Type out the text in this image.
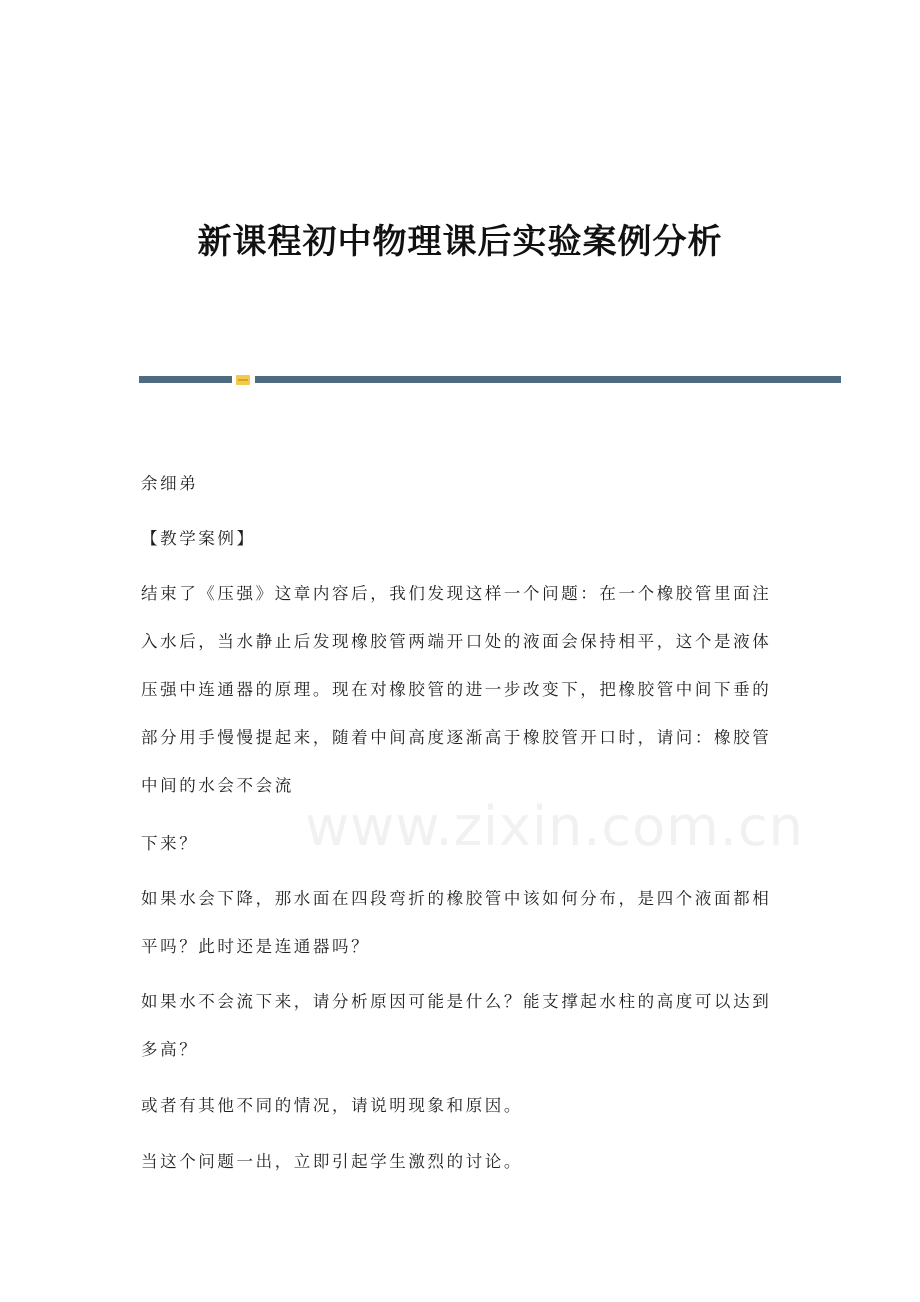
新课程初中物理课后实验案例分析
www.zixin.com.cn

余细弟

【教学案例】

结束了《压强》这章内容后，我们发现这样一个问题：在一个橡胶管里面注入水后，当水静止后发现橡胶管两端开口处的液面会保持相平，这个是液体压强中连通器的原理。现在对橡胶管的进一步改变下，把橡胶管中间下垂的部分用手慢慢提起来，随着中间高度逐渐高于橡胶管开口时，请问：橡胶管中间的水会不会流

下来？

如果水会下降，那水面在四段弯折的橡胶管中该如何分布，是四个液面都相平吗？此时还是连通器吗？

如果水不会流下来，请分析原因可能是什么？能支撑起水柱的高度可以达到多高？

或者有其他不同的情况，请说明现象和原因。

当这个问题一出，立即引起学生激烈的讨论。
